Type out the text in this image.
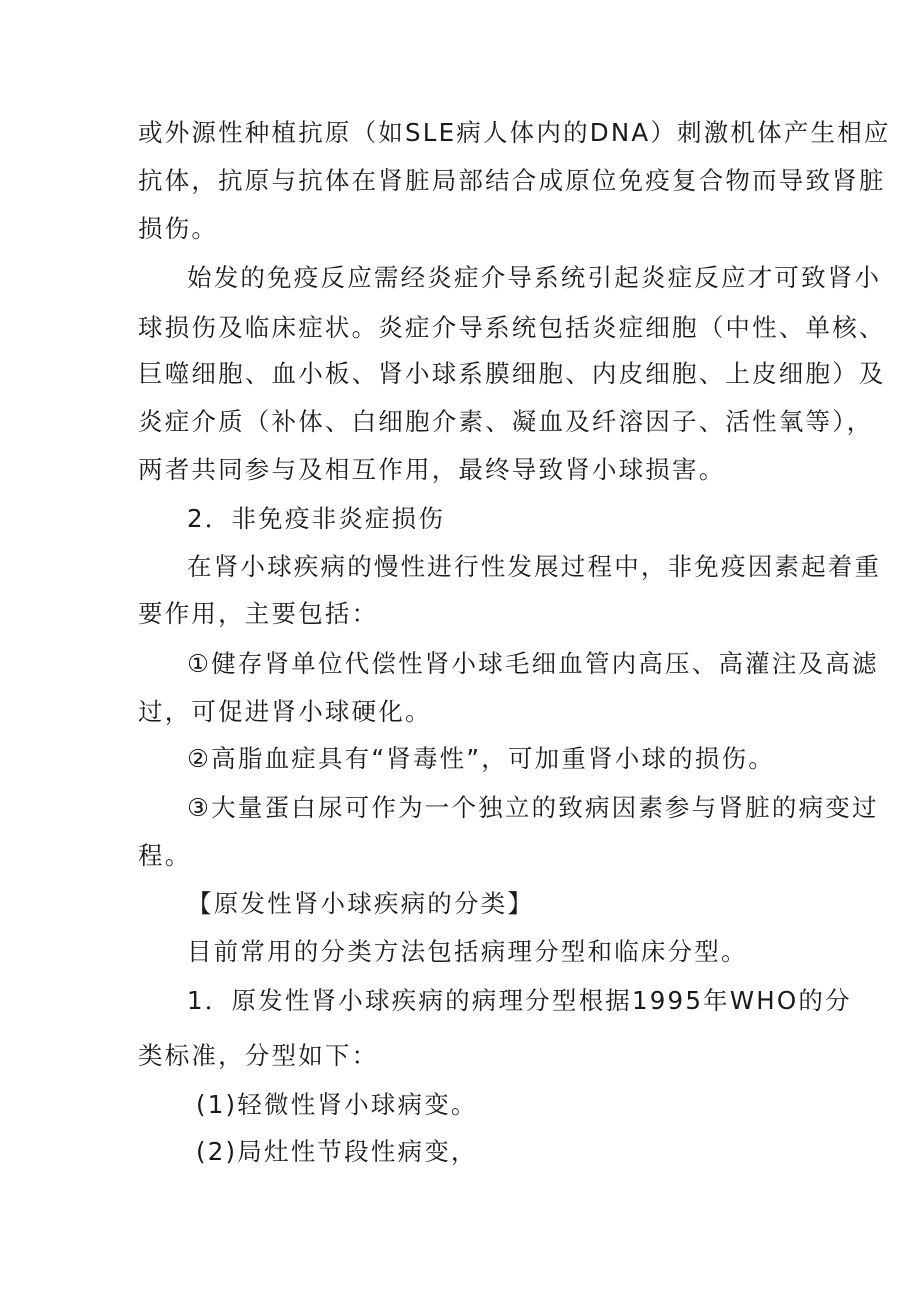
或外源性种植抗原（如SLE病人体内的DNA）刺激机体产生相应
抗体，抗原与抗体在肾脏局部结合成原位免疫复合物而导致肾脏
损伤。
始发的免疫反应需经炎症介导系统引起炎症反应才可致肾小
球损伤及临床症状。炎症介导系统包括炎症细胞（中性、单核、
巨噬细胞、血小板、肾小球系膜细胞、内皮细胞、上皮细胞）及
炎症介质（补体、白细胞介素、凝血及纤溶因子、活性氧等），
两者共同参与及相互作用，最终导致肾小球损害。
2．非免疫非炎症损伤
在肾小球疾病的慢性进行性发展过程中，非免疫因素起着重
要作用，主要包括：
①健存肾单位代偿性肾小球毛细血管内高压、高灌注及高滤
过，可促进肾小球硬化。
②高脂血症具有“肾毒性”，可加重肾小球的损伤。
③大量蛋白尿可作为一个独立的致病因素参与肾脏的病变过
程。
【原发性肾小球疾病的分类】
目前常用的分类方法包括病理分型和临床分型。
1．原发性肾小球疾病的病理分型根据1995年WHO的分
类标准，分型如下：
(1)轻微性肾小球病变。
(2)局灶性节段性病变，
